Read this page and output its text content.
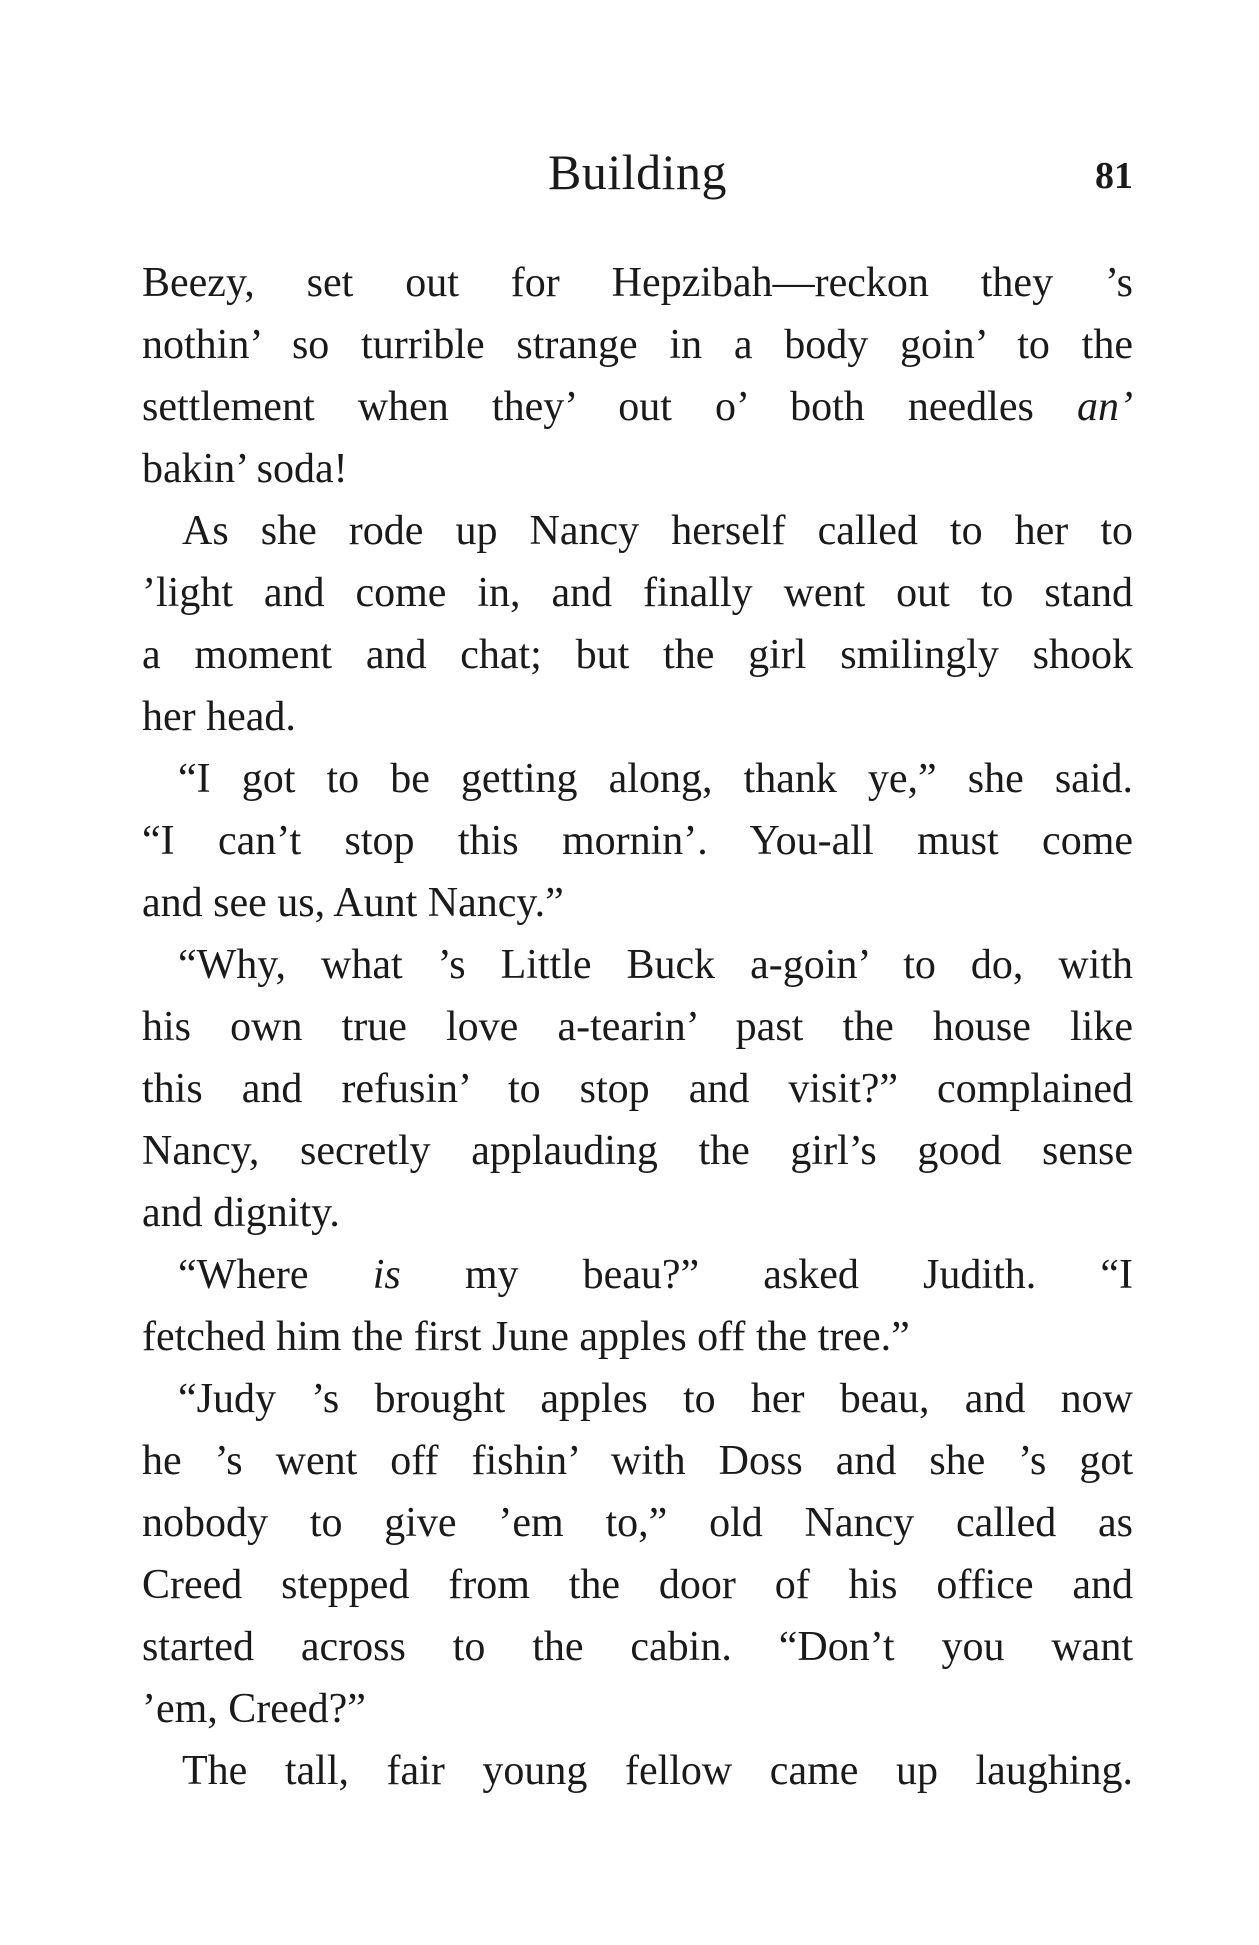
Building	81
Beezy, set out for Hepzibah—reckon they ’s
nothin’ so turrible strange in a body goin’ to the
settlement when they’ out o’ both needles an’
bakin’ soda!
As she rode up Nancy herself called to her to
’light and come in, and finally went out to stand
a moment and chat; but the girl smilingly shook
her head.
“I got to be getting along, thank ye,” she said.
“I can’t stop this mornin’. You-all must come
and see us, Aunt Nancy.”
“Why, what ’s Little Buck a-goin’ to do, with
his own true love a-tearin’ past the house like
this and refusin’ to stop and visit?” complained
Nancy, secretly applauding the girl’s good sense
and dignity.
“Where is my beau?” asked Judith. “I
fetched him the first June apples off the tree.”
“Judy ’s brought apples to her beau, and now
he ’s went off fishin’ with Doss and she ’s got
nobody to give ’em to,” old Nancy called as
Creed stepped from the door of his office and
started across to the cabin. “Don’t you want
’em, Creed?”
The tall, fair young fellow came up laughing.
